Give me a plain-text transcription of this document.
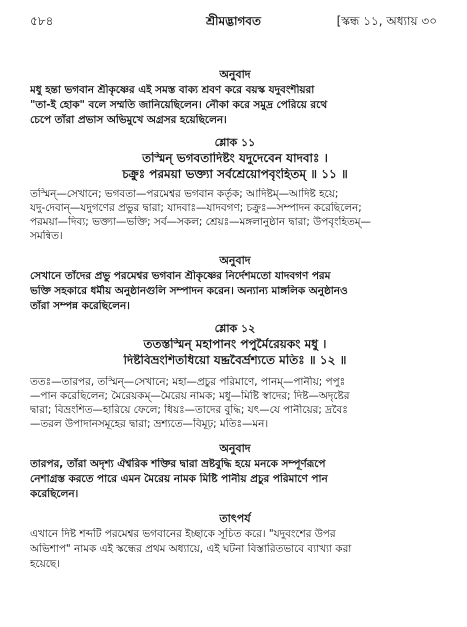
৫৮৪	শ্রীমদ্ভাগবত	[স্কন্ধ ১১, অধ্যায় ৩০

অনুবাদ

মধু হন্তা ভগবান শ্রীকৃষ্ণের এই সমস্ত বাক্য শ্রবণ করে বয়স্ক যদুবংশীয়রা

"তা-ই হোক" বলে সম্মতি জানিয়েছিলেন। নৌকা করে সমুদ্র পেরিয়ে রথে

চেপে তাঁরা প্রভাস অভিমুখে অগ্রসর হয়েছিলেন।

শ্লোক ১১

তস্মিন্ ভগবতাদিষ্টং যদুদেবেন যাদবাঃ ।

চক্রুঃ পরময়া ভক্ত্যা সর্বশ্রেয়োপবৃংহিতম্ ॥ ১১ ॥

তস্মিন্—সেখানে; ভগবতা—পরমেশ্বর ভগবান কর্তৃক; আদিষ্টম্—আদিষ্ট হয়ে;

যদু-দেবান্—যদুগণের প্রভুর দ্বারা; যাদবাঃ—যাদবগণ; চক্রুঃ—সম্পাদন করেছিলেন;

পরময়া—দিব্য; ভক্ত্যা—ভক্তি; সর্ব—সকল; শ্রেয়ঃ—মঙ্গলানুষ্ঠান দ্বারা; উপবৃংহিতম্—

সমন্বিত।

অনুবাদ

সেখানে তাঁদের প্রভু পরমেশ্বর ভগবান শ্রীকৃষ্ণের নির্দেশমতো যাদবগণ পরম

ভক্তি সহকারে ধর্মীয় অনুষ্ঠানগুলি সম্পাদন করেন। অন্যান্য মাঙ্গলিক অনুষ্ঠানও

তাঁরা সম্পন্ন করেছিলেন।

শ্লোক ১২

ততস্তস্মিন্ মহাপানং পপুর্মৈরেয়কং মধু ।

দিষ্টবিভ্রংশিতধিয়ো যদ্দ্রবৈর্ভ্রশ্যতে মতিঃ ॥ ১২ ॥

ততঃ—তারপর, তস্মিন্—সেখানে; মহা—প্রচুর পরিমাণে, পানম্—পানীয়; পপুঃ

—পান করেছিলেন; মৈরেয়কম্—মৈরেয় নামক; মধু—মিষ্টি স্বাদের; দিষ্ট—অদৃষ্টের

দ্বারা; বিভ্রংশিত—হারিয়ে ফেলে; ধিয়ঃ—তাদের বুদ্ধি; যৎ—যে পানীয়ের; দ্রবৈঃ

—তরল উপাদানসমূহের দ্বারা; ভ্রশ্যতে—বিমূঢ়; মতিঃ—মন।

অনুবাদ

তারপর, তাঁরা অদৃশ্য ঐশ্বরিক শক্তির দ্বারা ভ্রষ্টবুদ্ধি হয়ে মনকে সম্পূর্ণরূপে

নেশাগ্রস্ত করতে পারে এমন মৈরেয় নামক মিষ্টি পানীয় প্রচুর পরিমাণে পান

করেছিলেন।

তাৎপর্য

এখানে দিষ্ট শব্দটি পরমেশ্বর ভগবানের ইচ্ছাকে সূচিত করে। "যদুবংশের উপর

অভিশাপ" নামক এই স্কন্ধের প্রথম অধ্যায়ে, এই ঘটনা বিস্তারিতভাবে ব্যাখ্যা করা

হয়েছে।
